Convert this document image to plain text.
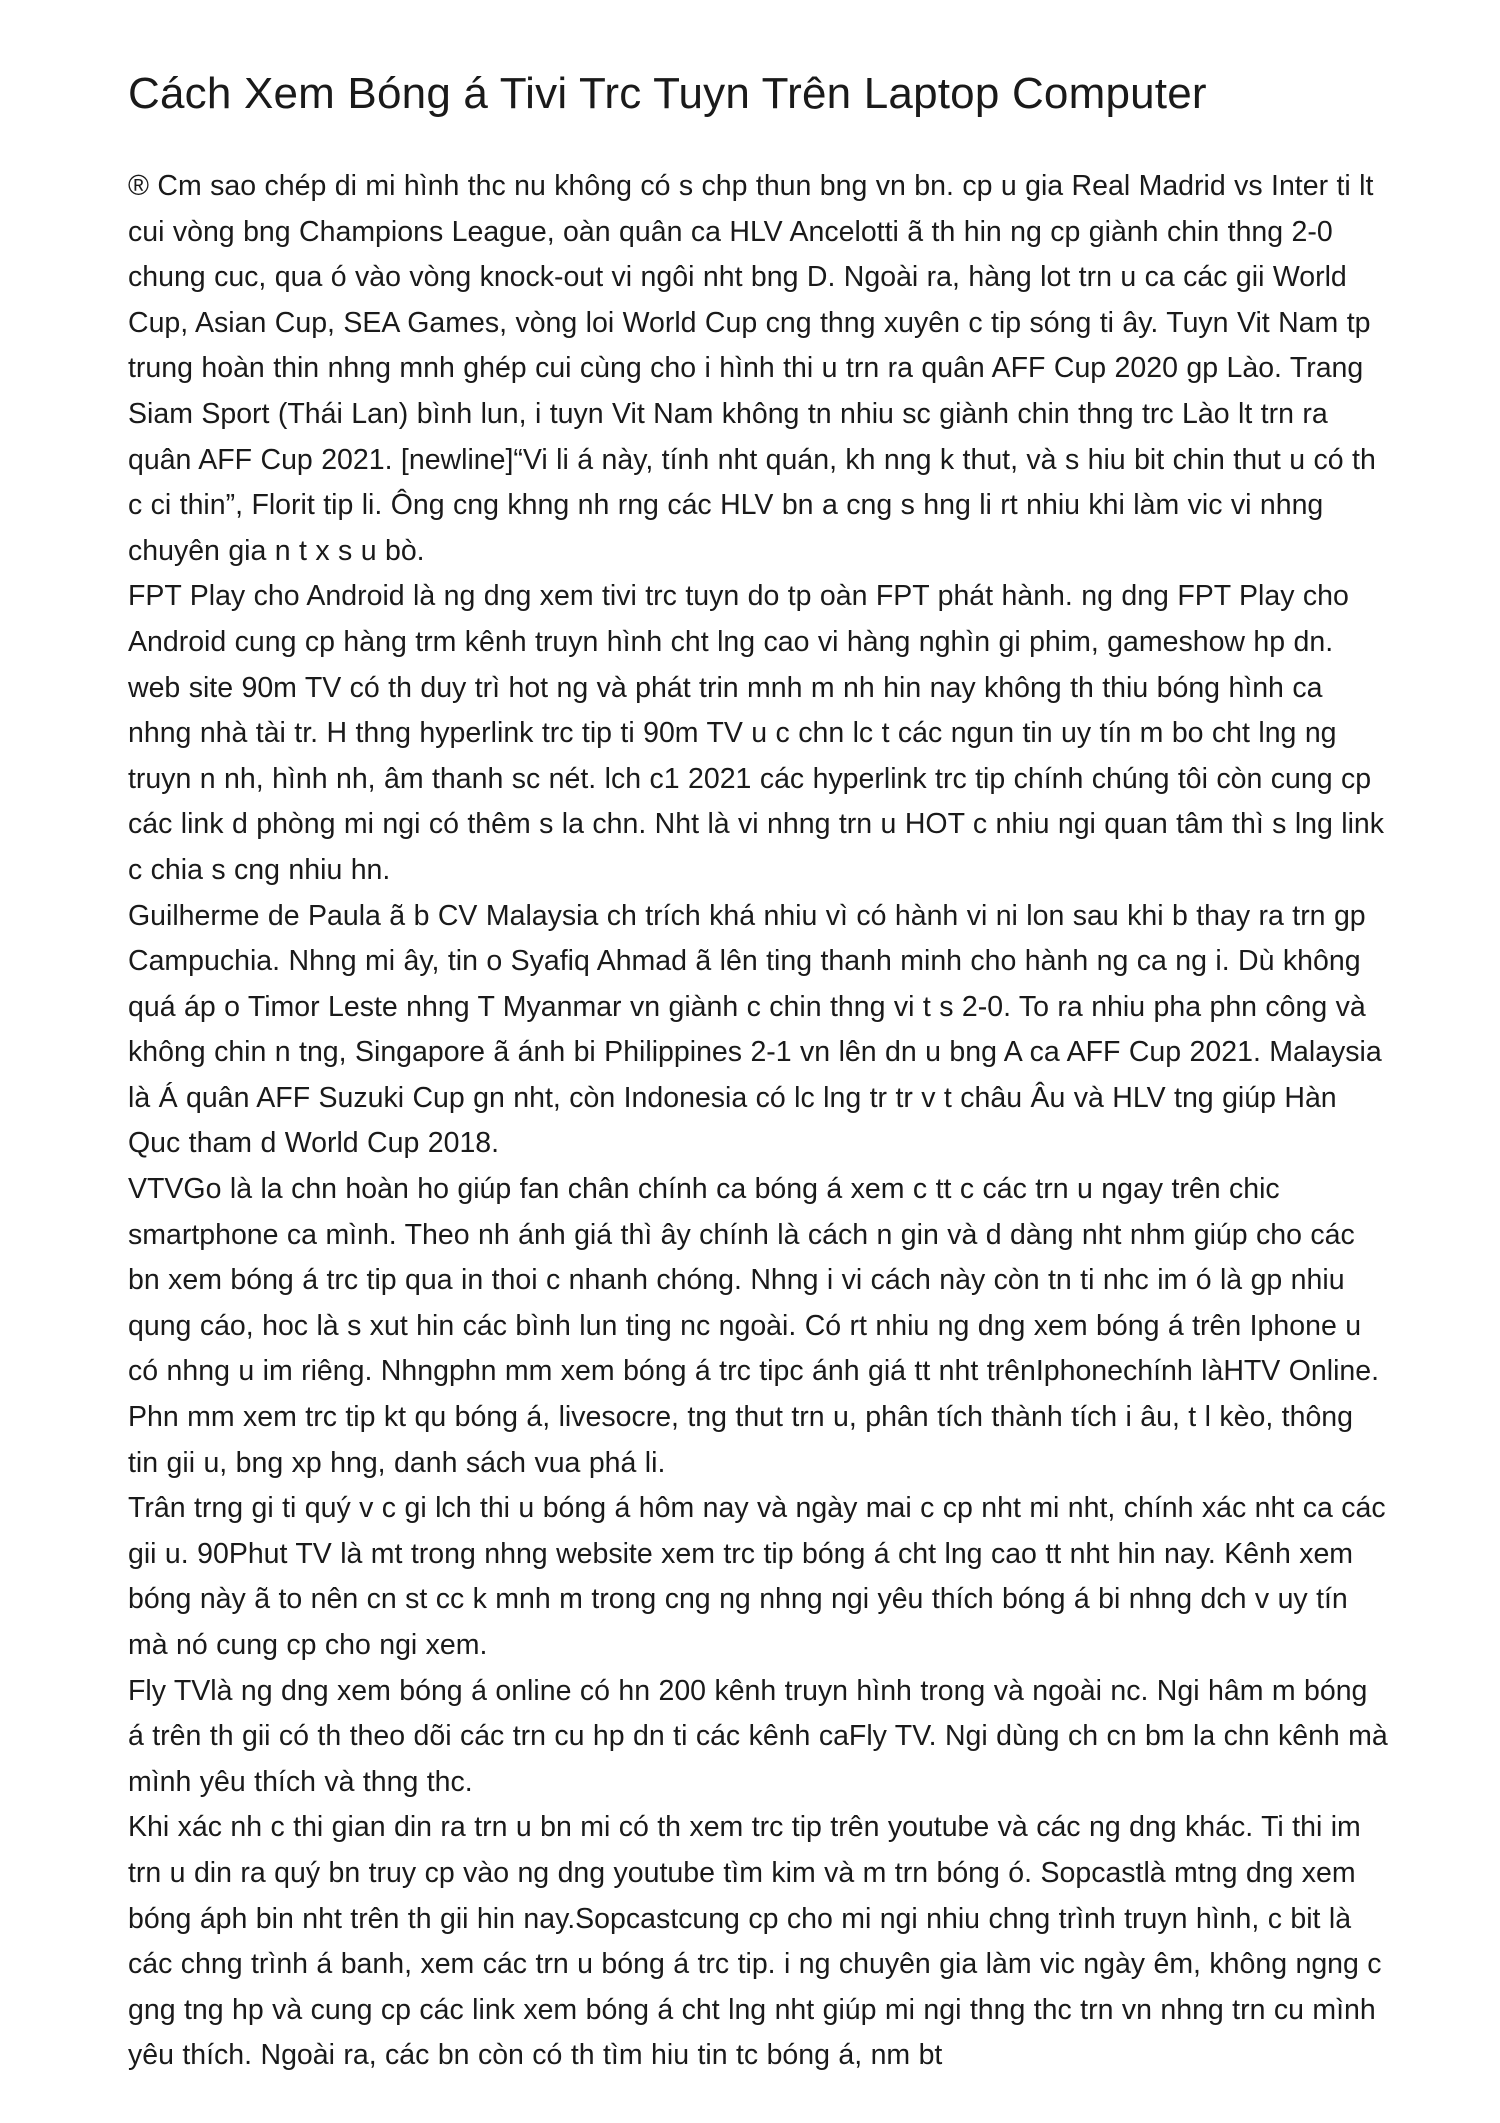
Cách Xem Bóng á Tivi Trc Tuyn Trên Laptop Computer

® Cm sao chép di mi hình thc nu không có s chp thun bng vn bn. cp u gia Real Madrid vs Inter ti lt cui vòng bng Champions League, oàn quân ca HLV Ancelotti ã th hin ng cp giành chin thng 2-0 chung cuc, qua ó vào vòng knock-out vi ngôi nht bng D. Ngoài ra, hàng lot trn u ca các gii World Cup, Asian Cup, SEA Games, vòng loi World Cup cng thng xuyên c tip sóng ti ây. Tuyn Vit Nam tp trung hoàn thin nhng mnh ghép cui cùng cho i hình thi u trn ra quân AFF Cup 2020 gp Lào. Trang Siam Sport (Thái Lan) bình lun, i tuyn Vit Nam không tn nhiu sc giành chin thng trc Lào lt trn ra quân AFF Cup 2021. [newline]“Vi li á này, tính nht quán, kh nng k thut, và s hiu bit chin thut u có th c ci thin”, Florit tip li. Ông cng khng nh rng các HLV bn a cng s hng li rt nhiu khi làm vic vi nhng chuyên gia n t x s u bò.

FPT Play cho Android là ng dng xem tivi trc tuyn do tp oàn FPT phát hành. ng dng FPT Play cho Android cung cp hàng trm kênh truyn hình cht lng cao vi hàng nghìn gi phim, gameshow hp dn. web site 90m TV có th duy trì hot ng và phát trin mnh m nh hin nay không th thiu bóng hình ca nhng nhà tài tr. H thng hyperlink trc tip ti 90m TV u c chn lc t các ngun tin uy tín m bo cht lng ng truyn n nh, hình nh, âm thanh sc nét. lch c1 2021 các hyperlink trc tip chính chúng tôi còn cung cp các link d phòng mi ngi có thêm s la chn. Nht là vi nhng trn u HOT c nhiu ngi quan tâm thì s lng link c chia s cng nhiu hn.

Guilherme de Paula ã b CV Malaysia ch trích khá nhiu vì có hành vi ni lon sau khi b thay ra trn gp Campuchia. Nhng mi ây, tin o Syafiq Ahmad ã lên ting thanh minh cho hành ng ca ng i. Dù không quá áp o Timor Leste nhng T Myanmar vn giành c chin thng vi t s 2-0. To ra nhiu pha phn công và không chin n tng, Singapore ã ánh bi Philippines 2-1 vn lên dn u bng A ca AFF Cup 2021. Malaysia là Á quân AFF Suzuki Cup gn nht, còn Indonesia có lc lng tr tr v t châu Âu và HLV tng giúp Hàn Quc tham d World Cup 2018.

VTVGo là la chn hoàn ho giúp fan chân chính ca bóng á xem c tt c các trn u ngay trên chic smartphone ca mình. Theo nh ánh giá thì ây chính là cách n gin và d dàng nht nhm giúp cho các bn xem bóng á trc tip qua in thoi c nhanh chóng. Nhng i vi cách này còn tn ti nhc im ó là gp nhiu qung cáo, hoc là s xut hin các bình lun ting nc ngoài. Có rt nhiu ng dng xem bóng á trên Iphone u có nhng u im riêng. Nhngphn mm xem bóng á trc tipc ánh giá tt nht trênIphonechính làHTV Online. Phn mm xem trc tip kt qu bóng á, livesocre, tng thut trn u, phân tích thành tích i âu, t l kèo, thông tin gii u, bng xp hng, danh sách vua phá li.

Trân trng gi ti quý v c gi lch thi u bóng á hôm nay và ngày mai c cp nht mi nht, chính xác nht ca các gii u. 90Phut TV là mt trong nhng website xem trc tip bóng á cht lng cao tt nht hin nay. Kênh xem bóng này ã to nên cn st cc k mnh m trong cng ng nhng ngi yêu thích bóng á bi nhng dch v uy tín mà nó cung cp cho ngi xem.

Fly TVlà ng dng xem bóng á online có hn 200 kênh truyn hình trong và ngoài nc. Ngi hâm m bóng á trên th gii có th theo dõi các trn cu hp dn ti các kênh caFly TV. Ngi dùng ch cn bm la chn kênh mà mình yêu thích và thng thc.

Khi xác nh c thi gian din ra trn u bn mi có th xem trc tip trên youtube và các ng dng khác. Ti thi im trn u din ra quý bn truy cp vào ng dng youtube tìm kim và m trn bóng ó. Sopcastlà mtng dng xem bóng áph bin nht trên th gii hin nay.Sopcastcung cp cho mi ngi nhiu chng trình truyn hình, c bit là các chng trình á banh, xem các trn u bóng á trc tip. i ng chuyên gia làm vic ngày êm, không ngng c gng tng hp và cung cp các link xem bóng á cht lng nht giúp mi ngi thng thc trn vn nhng trn cu mình yêu thích. Ngoài ra, các bn còn có th tìm hiu tin tc bóng á, nm bt
